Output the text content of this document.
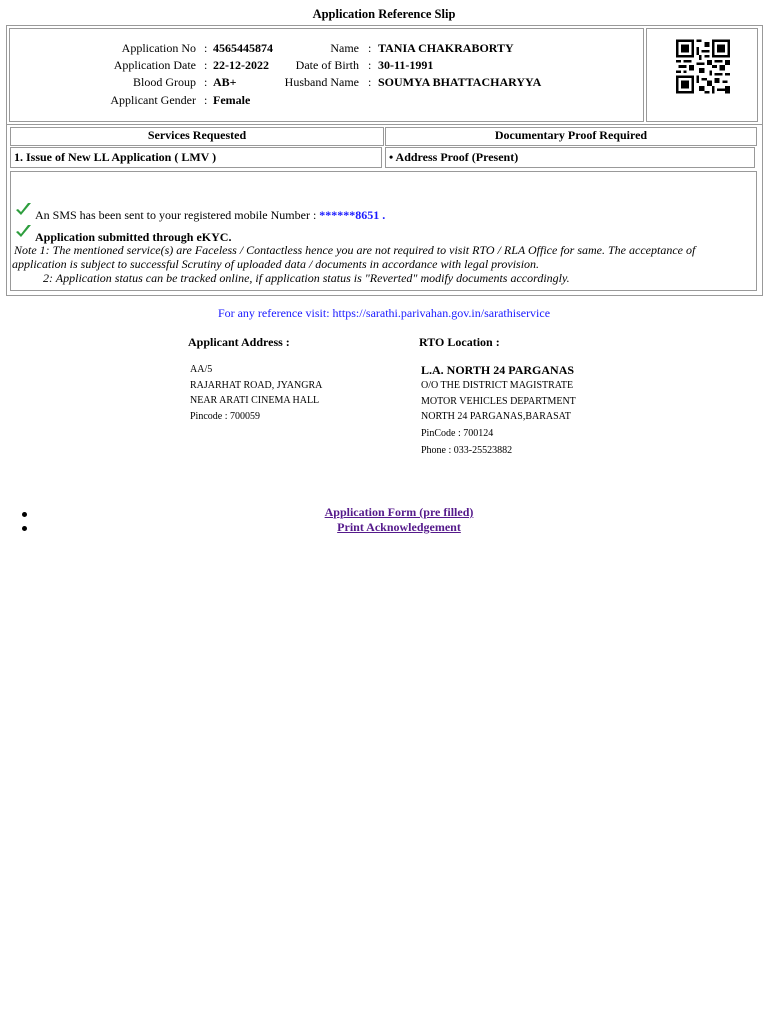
Application Reference Slip
Application No
Application Date
Blood Group
Applicant Gender
:
:
:
:
4565445874
22-12-2022
AB+
Female
Name
Date of Birth
Husband Name
:
:
:
TANIA CHAKRABORTY
30-11-1991
SOUMYA BHATTACHARYYA
Services Requested	Documentary Proof Required
1. Issue of New LL Application ( LMV )	• Address Proof (Present)
An SMS has been sent to your registered mobile Number : ******8651 .
Application submitted through eKYC.
Note 1: The mentioned service(s) are Faceless / Contactless hence you are not required to visit RTO / RLA Office for same. The acceptance of
application is subject to successful Scrutiny of uploaded data / documents in accordance with legal provision.
2: Application status can be tracked online, if application status is "Reverted" modify documents accordingly.
For any reference visit: https://sarathi.parivahan.gov.in/sarathiservice
Applicant Address :
AA/5
RAJARHAT ROAD, JYANGRA
NEAR ARATI CINEMA HALL
Pincode : 700059
RTO Location :
L.A. NORTH 24 PARGANAS
O/O THE DISTRICT MAGISTRATE
MOTOR VEHICLES DEPARTMENT
NORTH 24 PARGANAS,BARASAT
PinCode : 700124
Phone : 033-25523882
Application Form (pre filled)
Print Acknowledgement
